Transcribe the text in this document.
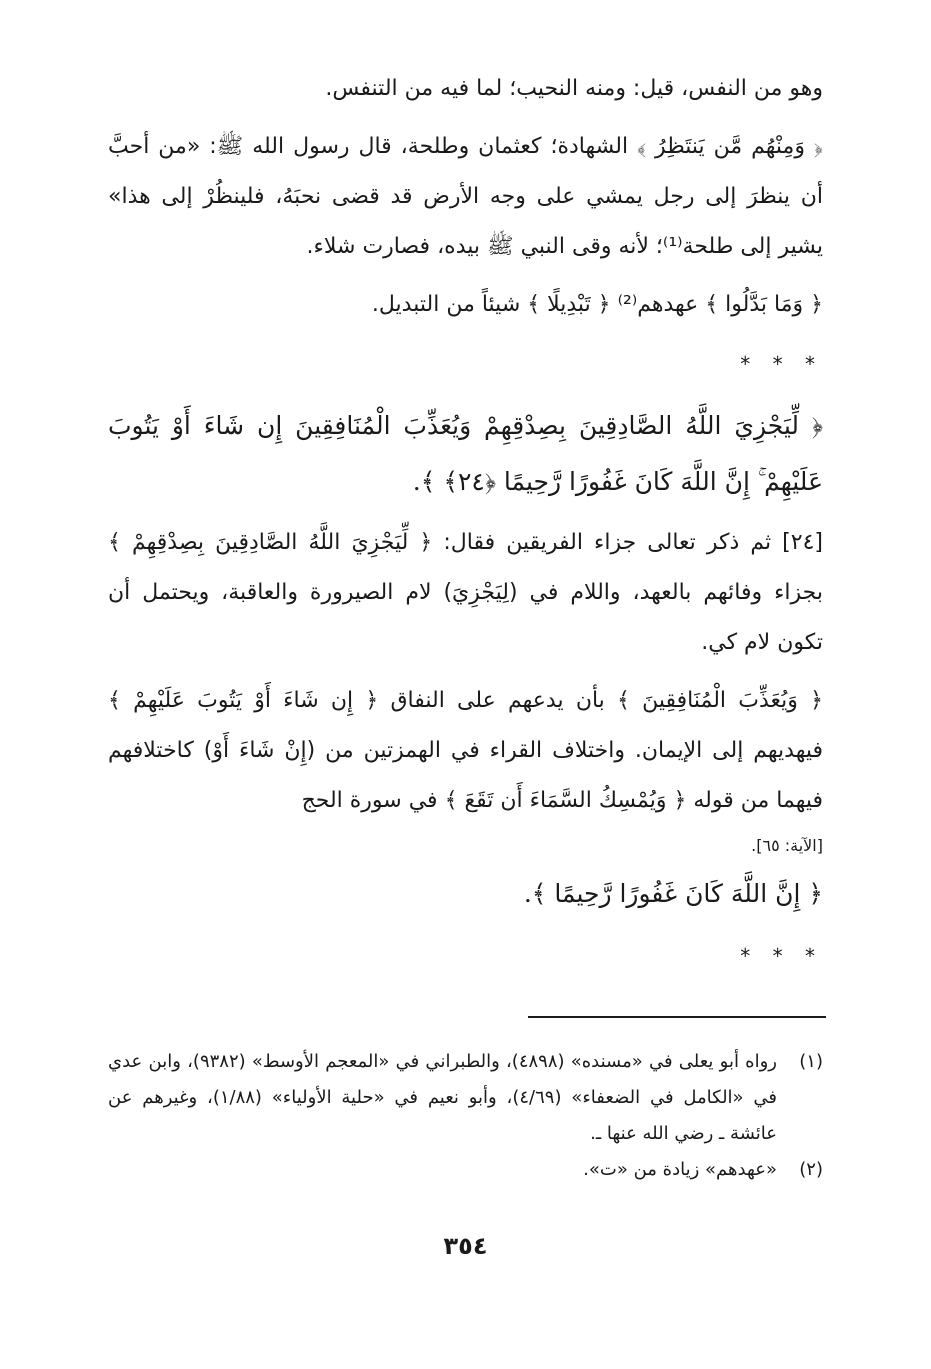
وهو من النفس، قيل: ومنه النحيب؛ لما فيه من التنفس.

﴿ وَمِنْهُم مَّن يَنتَظِرُ ﴾ الشهادة؛ كعثمان وطلحة، قال رسول الله ﷺ: «من أحبَّ أن ينظرَ إلى رجل يمشي على وجه الأرض قد قضى نحبَهُ، فلينظُرْ إلى هذا» يشير إلى طلحة⁽¹⁾؛ لأنه وقى النبي ﷺ بيده، فصارت شلاء.

﴿ وَمَا بَدَّلُوا ﴾ عهدهم⁽²⁾ ﴿ تَبْدِيلًا ﴾ شيئاً من التبديل.

* * *

﴿ لِّيَجْزِيَ اللَّهُ الصَّادِقِينَ بِصِدْقِهِمْ وَيُعَذِّبَ الْمُنَافِقِينَ إِن شَاءَ أَوْ يَتُوبَ عَلَيْهِمْ ۚ إِنَّ اللَّهَ كَانَ غَفُورًا رَّحِيمًا ﴿٢٤﴾ ﴾.

[٢٤] ثم ذكر تعالى جزاء الفريقين فقال: ﴿ لِّيَجْزِيَ اللَّهُ الصَّادِقِينَ بِصِدْقِهِمْ ﴾ بجزاء وفائهم بالعهد، واللام في (لِيَجْزِيَ) لام الصيرورة والعاقبة، ويحتمل أن تكون لام كي.

﴿ وَيُعَذِّبَ الْمُنَافِقِينَ ﴾ بأن يدعهم على النفاق ﴿ إِن شَاءَ أَوْ يَتُوبَ عَلَيْهِمْ ﴾ فيهديهم إلى الإيمان. واختلاف القراء في الهمزتين من (إِنْ شَاءَ أَوْ) كاختلافهم فيهما من قوله ﴿ وَيُمْسِكُ السَّمَاءَ أَن تَقَعَ ﴾ في سورة الحج

[الآية: ٦٥].

﴿ إِنَّ اللَّهَ كَانَ غَفُورًا رَّحِيمًا ﴾.

* * *
(١)
رواه أبو يعلى في «مسنده» (٤٨٩٨)، والطبراني في «المعجم الأوسط» (٩٣٨٢)، وابن عدي في «الكامل في الضعفاء» (٤/٦٩)، وأبو نعيم في «حلية الأولياء» (١/٨٨)، وغيرهم عن عائشة ـ رضي الله عنها ـ.
(٢)
«عهدهم» زيادة من «ت».
٣٥٤
